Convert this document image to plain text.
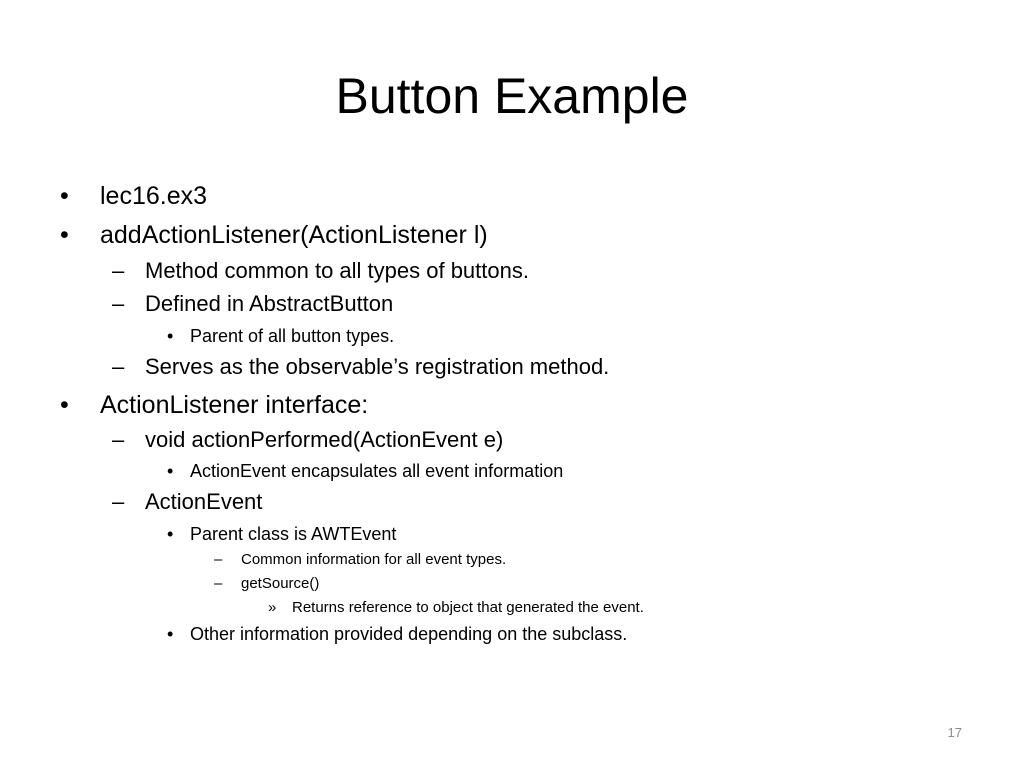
Button Example
• lec16.ex3
• addActionListener(ActionListener l)
– Method common to all types of buttons.
– Defined in AbstractButton
• Parent of all button types.
– Serves as the observable’s registration method.
• ActionListener interface:
– void actionPerformed(ActionEvent e)
• ActionEvent encapsulates all event information
– ActionEvent
• Parent class is AWTEvent
– Common information for all event types.
– getSource()
» Returns reference to object that generated the event.
• Other information provided depending on the subclass.
17
